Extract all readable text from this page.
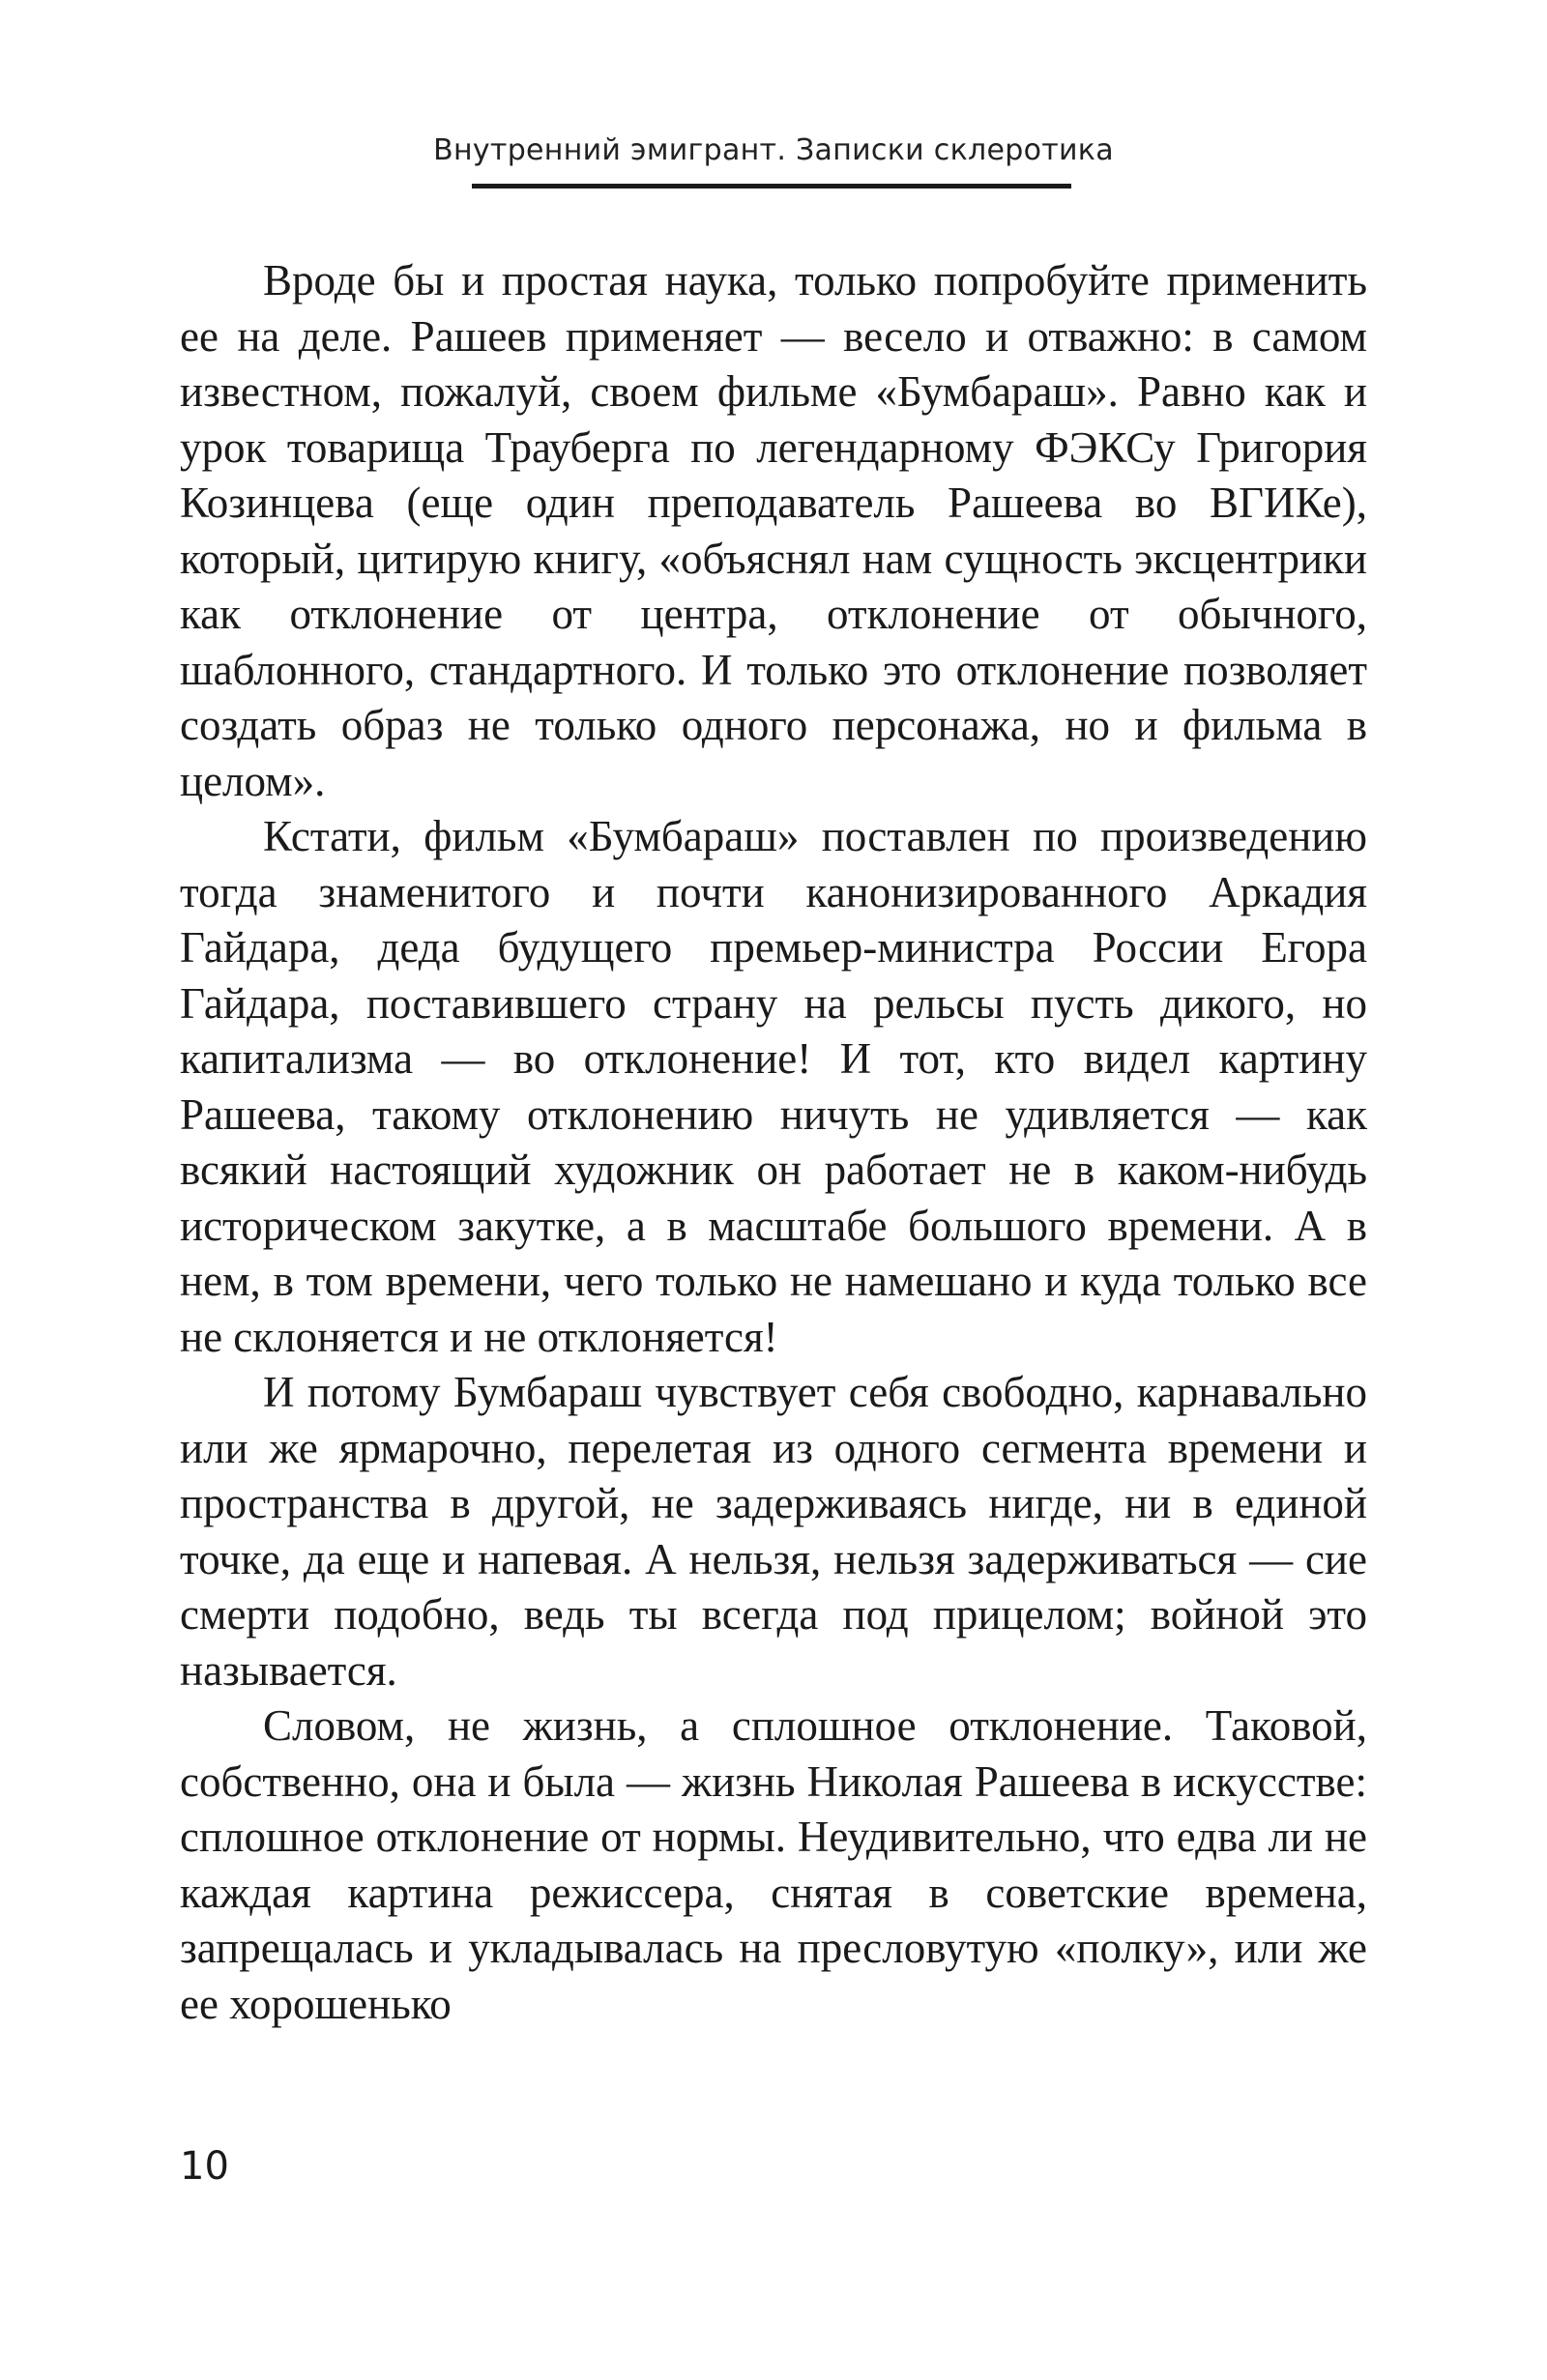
Внутренний эмигрант. Записки склеротика

Вроде бы и простая наука, только попробуйте применить ее на деле. Рашеев применяет — весело и отважно: в самом известном, пожалуй, своем фильме «Бумбараш». Равно как и урок товарища Трауберга по легендарному ФЭКСу Григория Козинцева (еще один преподаватель Рашеева во ВГИКе), который, цитирую книгу, «объяснял нам сущность эксцентрики как отклонение от центра, отклонение от обычного, шаблонного, стандартного. И только это отклонение позволяет создать образ не только одного персонажа, но и фильма в целом».

Кстати, фильм «Бумбараш» поставлен по произведению тогда знаменитого и почти канонизированного Аркадия Гайдара, деда будущего премьер-министра России Егора Гайдара, поставившего страну на рельсы пусть дикого, но капитализма — во отклонение! И тот, кто видел картину Рашеева, такому отклонению ничуть не удивляется — как всякий настоящий художник он работает не в каком-нибудь историческом закутке, а в масштабе большого времени. А в нем, в том времени, чего только не намешано и куда только все не склоняется и не отклоняется!

И потому Бумбараш чувствует себя свободно, карнавально или же ярмарочно, перелетая из одного сегмента времени и пространства в другой, не задерживаясь нигде, ни в единой точке, да еще и напевая. А нельзя, нельзя задерживаться — сие смерти подобно, ведь ты всегда под прицелом; войной это называется.

Словом, не жизнь, а сплошное отклонение. Таковой, собственно, она и была — жизнь Николая Рашеева в искусстве: сплошное отклонение от нормы. Неудивительно, что едва ли не каждая картина режиссера, снятая в советские времена, запрещалась и укладывалась на пресловутую «полку», или же ее хорошенько

10
